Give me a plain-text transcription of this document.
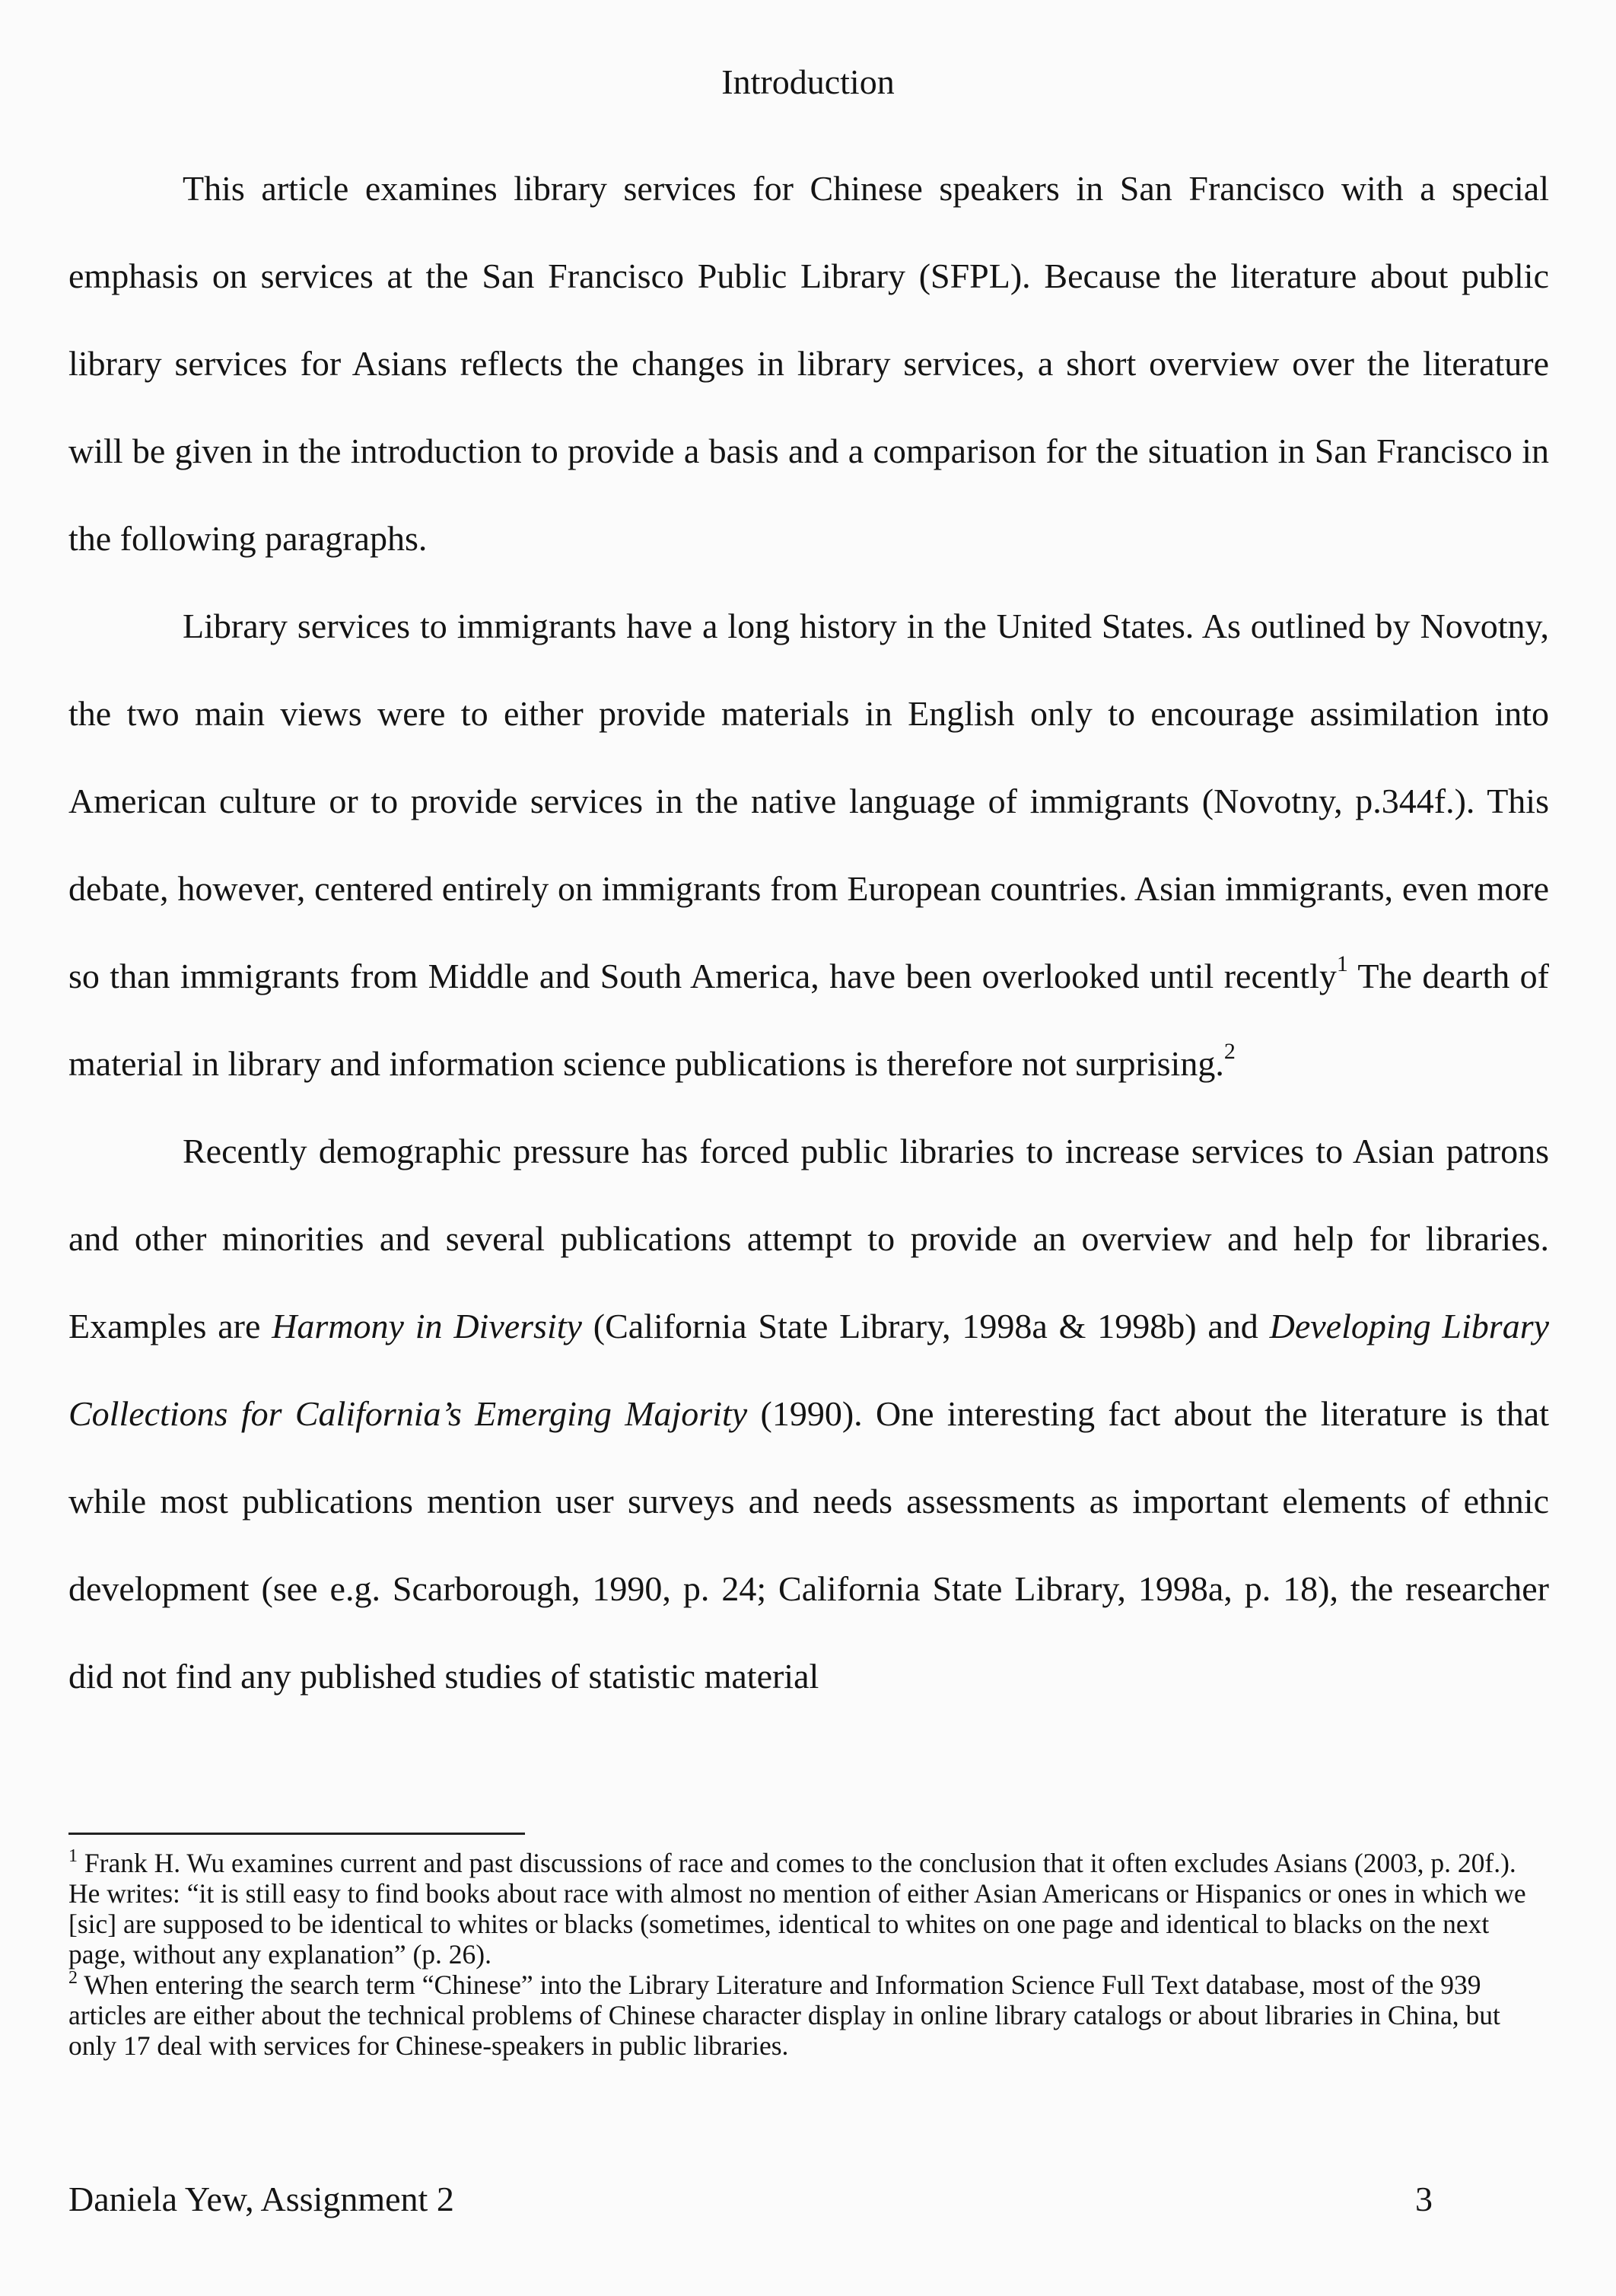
Introduction

This article examines library services for Chinese speakers in San Francisco with a special emphasis on services at the San Francisco Public Library (SFPL). Because the literature about public library services for Asians reflects the changes in library services, a short overview over the literature will be given in the introduction to provide a basis and a comparison for the situation in San Francisco in the following paragraphs.

Library services to immigrants have a long history in the United States. As outlined by Novotny, the two main views were to either provide materials in English only to encourage assimilation into American culture or to provide services in the native language of immigrants (Novotny, p.344f.). This debate, however, centered entirely on immigrants from European countries. Asian immigrants, even more so than immigrants from Middle and South America, have been overlooked until recently$^1$ The dearth of material in library and information science publications is therefore not surprising.$^2$

Recently demographic pressure has forced public libraries to increase services to Asian patrons and other minorities and several publications attempt to provide an overview and help for libraries. Examples are Harmony in Diversity (California State Library, 1998a & 1998b) and Developing Library Collections for California’s Emerging Majority (1990). One interesting fact about the literature is that while most publications mention user surveys and needs assessments as important elements of ethnic development (see e.g. Scarborough, 1990, p. 24; California State Library, 1998a, p. 18), the researcher did not find any published studies of statistic material

$^1$ Frank H. Wu examines current and past discussions of race and comes to the conclusion that it often excludes Asians (2003, p. 20f.). He writes: “it is still easy to find books about race with almost no mention of either Asian Americans or Hispanics or ones in which we [sic] are supposed to be identical to whites or blacks (sometimes, identical to whites on one page and identical to blacks on the next page, without any explanation” (p. 26).

$^2$ When entering the search term “Chinese” into the Library Literature and Information Science Full Text database, most of the 939 articles are either about the technical problems of Chinese character display in online library catalogs or about libraries in China, but only 17 deal with services for Chinese-speakers in public libraries.

Daniela Yew, Assignment 2	3
